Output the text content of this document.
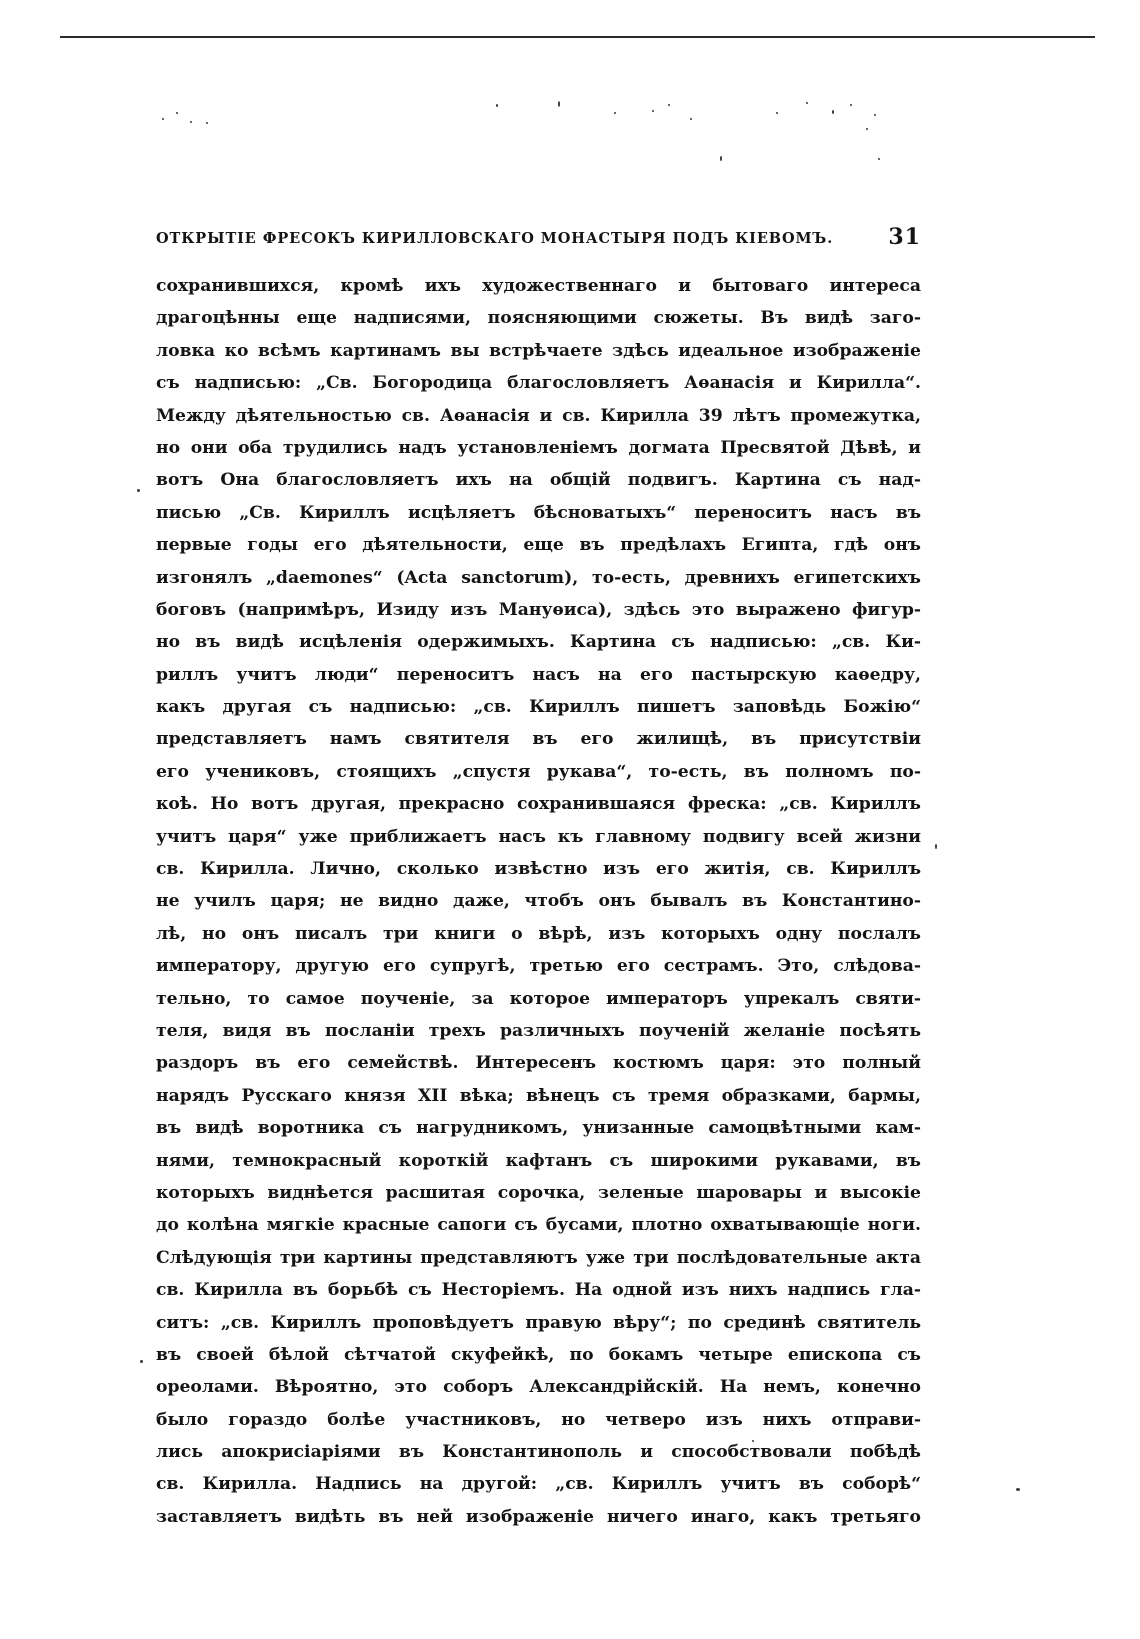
ОТКРЫТІЕ ФРЕСОКЪ КИРИЛЛОВСКАГО МОНАСТЫРЯ ПОДЪ КІЕВОМЪ.	31
сохранившихся, кромѣ ихъ художественнаго и бытоваго интереса
драгоцѣнны еще надписями, поясняющими сюжеты. Въ видѣ заго-
ловка ко всѣмъ картинамъ вы встрѣчаете здѣсь идеальное изображеніе
съ надписью: „Св. Богородица благословляетъ Аѳанасія и Кирилла“.
Между дѣятельностью св. Аѳанасія и св. Кирилла 39 лѣтъ промежутка,
но они оба трудились надъ установленіемъ догмата Пресвятой Дѣвѣ, и
вотъ Она благословляетъ ихъ на общій подвигъ. Картина съ над-
писью „Св. Кириллъ исцѣляетъ бѣсноватыхъ“ переноситъ насъ въ
первые годы его дѣятельности, еще въ предѣлахъ Египта, гдѣ онъ
изгонялъ „daemones“ (Acta sanctorum), то-есть, древнихъ египетскихъ
боговъ (напримѣръ, Изиду изъ Мануѳиса), здѣсь это выражено фигур-
но въ видѣ исцѣленія одержимыхъ. Картина съ надписью: „св. Ки-
риллъ учитъ люди“ переноситъ насъ на его пастырскую каѳедру,
какъ другая съ надписью: „св. Кириллъ пишетъ заповѣдь Божію“
представляетъ намъ святителя въ его жилищѣ, въ присутствіи
его учениковъ, стоящихъ „спустя рукава“, то-есть, въ полномъ по-
коѣ. Но вотъ другая, прекрасно сохранившаяся фреска: „св. Кириллъ
учитъ царя“ уже приближаетъ насъ къ главному подвигу всей жизни
св. Кирилла. Лично, сколько извѣстно изъ его житія, св. Кириллъ
не училъ царя; не видно даже, чтобъ онъ бывалъ въ Константино-
лѣ, но онъ писалъ три книги о вѣрѣ, изъ которыхъ одну послалъ
императору, другую его супругѣ, третью его сестрамъ. Это, слѣдова-
тельно, то самое поученіе, за которое императоръ упрекалъ святи-
теля, видя въ посланіи трехъ различныхъ поученій желаніе посѣять
раздоръ въ его семействѣ. Интересенъ костюмъ царя: это полный
нарядъ Русскаго князя XII вѣка; вѣнецъ съ тремя образками, бармы,
въ видѣ воротника съ нагрудникомъ, унизанные самоцвѣтными кам-
нями, темнокрасный короткій кафтанъ съ широкими рукавами, въ
которыхъ виднѣется расшитая сорочка, зеленые шаровары и высокіе
до колѣна мягкіе красные сапоги съ бусами, плотно охватывающіе ноги.
Слѣдующія три картины представляютъ уже три послѣдовательные акта
св. Кирилла въ борьбѣ съ Несторіемъ. На одной изъ нихъ надпись гла-
ситъ: „св. Кириллъ проповѣдуетъ правую вѣру“; по срединѣ святитель
въ своей бѣлой сѣтчатой скуфейкѣ, по бокамъ четыре епископа съ
ореолами. Вѣроятно, это соборъ Александрійскій. На немъ, конечно
было гораздо болѣе участниковъ, но четверо изъ нихъ отправи-
лись апокрисіаріями въ Константинополь и способствовали побѣдѣ
св. Кирилла. Надпись на другой: „св. Кириллъ учитъ въ соборѣ“
заставляетъ видѣть въ ней изображеніе ничего инаго, какъ третьяго
